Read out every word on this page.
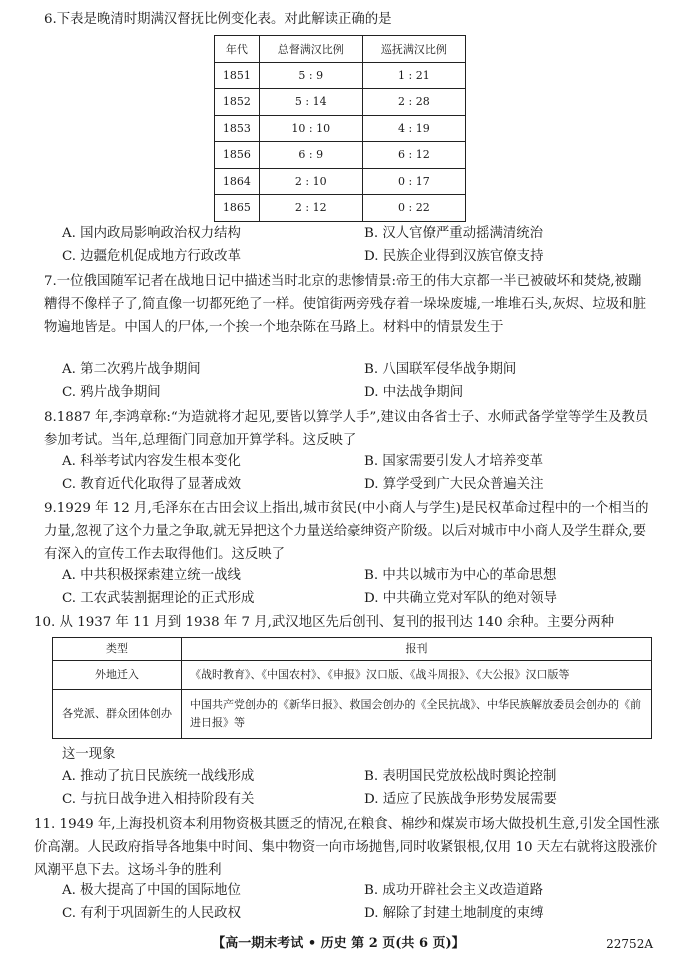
6.下表是晚清时期满汉督抚比例变化表。对此解读正确的是
年代	总督满汉比例	巡抚满汉比例
1851	5 : 9	1 : 21
1852	5 : 14	2 : 28
1853	10 : 10	4 : 19
1856	6 : 9	6 : 12
1864	2 : 10	0 : 17
1865	2 : 12	0 : 22
A. 国内政局影响政治权力结构	B. 汉人官僚严重动摇满清统治
C. 边疆危机促成地方行政改革	D. 民族企业得到汉族官僚支持
7.一位俄国随军记者在战地日记中描述当时北京的悲惨情景:帝王的伟大京都一半已被破坏和焚烧,被蹦糟得不像样子了,简直像一切都死绝了一样。使馆街两旁残存着一垛垛废墟,一堆堆石头,灰烬、垃圾和脏物遍地皆是。中国人的尸体,一个挨一个地杂陈在马路上。材料中的情景发生于
A. 第二次鸦片战争期间	B. 八国联军侵华战争期间
C. 鸦片战争期间	D. 中法战争期间
8.1887 年,李鸿章称:“为造就将才起见,要皆以算学人手”,建议由各省士子、水师武备学堂等学生及教员参加考试。当年,总理衙门同意加开算学科。这反映了
A. 科举考试内容发生根本变化	B. 国家需要引发人才培养变革
C. 教育近代化取得了显著成效	D. 算学受到广大民众普遍关注
9.1929 年 12 月,毛泽东在古田会议上指出,城市贫民(中小商人与学生)是民权革命过程中的一个相当的力量,忽视了这个力量之争取,就无异把这个力量送给豪绅资产阶级。以后对城市中小商人及学生群众,要有深入的宣传工作去取得他们。这反映了
A. 中共积极探索建立统一战线	B. 中共以城市为中心的革命思想
C. 工农武装割据理论的正式形成	D. 中共确立党对军队的绝对领导
10. 从 1937 年 11 月到 1938 年 7 月,武汉地区先后创刊、复刊的报刊达 140 余种。主要分两种
类型	报刊
外地迁入	《战时教育》、《中国农村》、《申报》汉口版、《战斗周报》、《大公报》汉口版等
各党派、群众团体创办	中国共产党创办的《新华日报》、救国会创办的《全民抗战》、中华民族解放委员会创办的《前进日报》等
这一现象
A. 推动了抗日民族统一战线形成	B. 表明国民党放松战时舆论控制
C. 与抗日战争进入相持阶段有关	D. 适应了民族战争形势发展需要
11. 1949 年,上海投机资本利用物资极其匮乏的情况,在粮食、棉纱和煤炭市场大做投机生意,引发全国性涨价高潮。人民政府指导各地集中时间、集中物资一向市场抛售,同时收紧银根,仅用 10 天左右就将这股涨价风潮平息下去。这场斗争的胜利
A. 极大提高了中国的国际地位	B. 成功开辟社会主义改造道路
C. 有利于巩固新生的人民政权	D. 解除了封建土地制度的束缚
【高一期末考试 • 历史 第 2 页(共 6 页)】	22752A
